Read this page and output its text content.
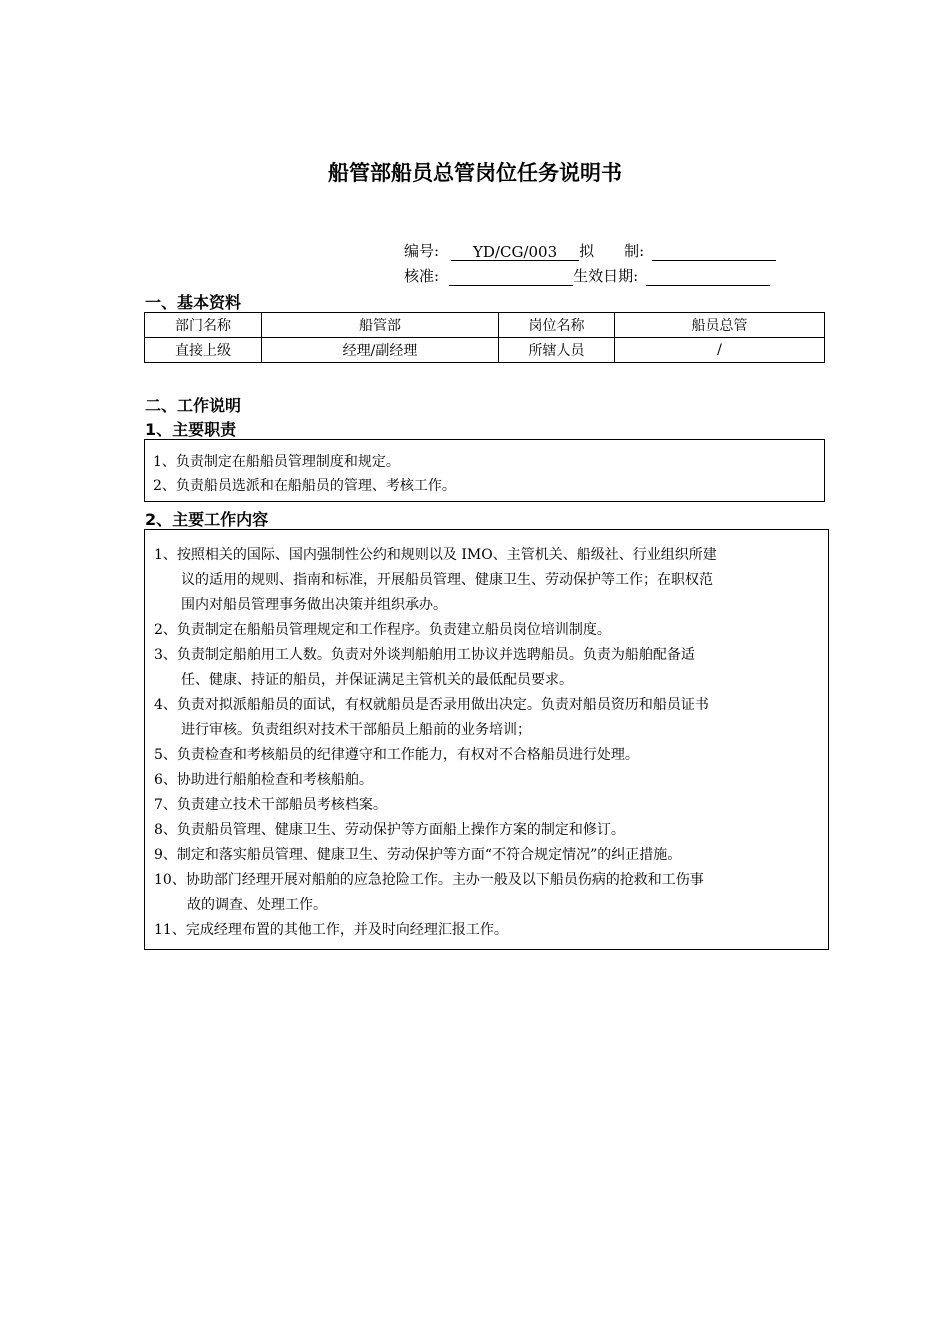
船管部船员总管岗位任务说明书
编号: YD/CG/003 拟　　制:
核准:	生效日期:
一、基本资料
部门名称	船管部	岗位名称	船员总管
直接上级	经理/副经理	所辖人员	/
二、工作说明
1、主要职责
1、负责制定在船船员管理制度和规定。
2、负责船员选派和在船船员的管理、考核工作。
2、主要工作内容
1、按照相关的国际、国内强制性公约和规则以及 IMO、主管机关、船级社、行业组织所建
议的适用的规则、指南和标准，开展船员管理、健康卫生、劳动保护等工作；在职权范
围内对船员管理事务做出决策并组织承办。
2、负责制定在船船员管理规定和工作程序。负责建立船员岗位培训制度。
3、负责制定船舶用工人数。负责对外谈判船舶用工协议并选聘船员。负责为船舶配备适
任、健康、持证的船员，并保证满足主管机关的最低配员要求。
4、负责对拟派船船员的面试，有权就船员是否录用做出决定。负责对船员资历和船员证书
进行审核。负责组织对技术干部船员上船前的业务培训；
5、负责检查和考核船员的纪律遵守和工作能力，有权对不合格船员进行处理。
6、协助进行船舶检查和考核船舶。
7、负责建立技术干部船员考核档案。
8、负责船员管理、健康卫生、劳动保护等方面船上操作方案的制定和修订。
9、制定和落实船员管理、健康卫生、劳动保护等方面“不符合规定情况”的纠正措施。
10、协助部门经理开展对船舶的应急抢险工作。主办一般及以下船员伤病的抢救和工伤事
故的调查、处理工作。
11、完成经理布置的其他工作，并及时向经理汇报工作。
